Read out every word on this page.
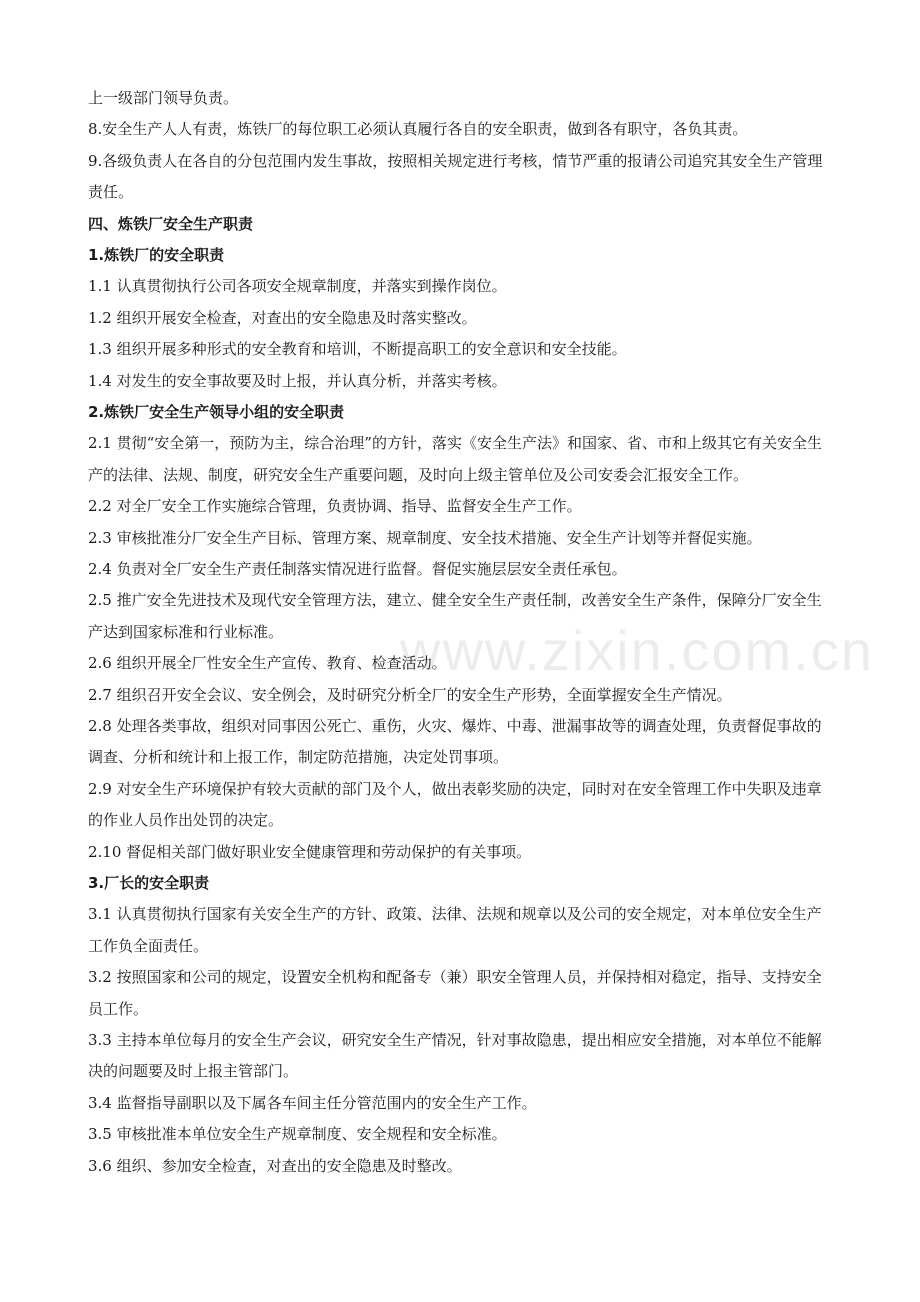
www.zixin.com.cn
上一级部门领导负责。
8.安全生产人人有责，炼铁厂的每位职工必须认真履行各自的安全职责，做到各有职守，各负其责。
9.各级负责人在各自的分包范围内发生事故，按照相关规定进行考核，情节严重的报请公司追究其安全生产管理责任。
四、炼铁厂安全生产职责
1.炼铁厂的安全职责
1.1 认真贯彻执行公司各项安全规章制度，并落实到操作岗位。
1.2 组织开展安全检查，对查出的安全隐患及时落实整改。
1.3 组织开展多种形式的安全教育和培训，不断提高职工的安全意识和安全技能。
1.4 对发生的安全事故要及时上报，并认真分析，并落实考核。
2.炼铁厂安全生产领导小组的安全职责
2.1 贯彻“安全第一，预防为主，综合治理”的方针，落实《安全生产法》和国家、省、市和上级其它有关安全生产的法律、法规、制度，研究安全生产重要问题，及时向上级主管单位及公司安委会汇报安全工作。
2.2 对全厂安全工作实施综合管理，负责协调、指导、监督安全生产工作。
2.3 审核批准分厂安全生产目标、管理方案、规章制度、安全技术措施、安全生产计划等并督促实施。
2.4 负责对全厂安全生产责任制落实情况进行监督。督促实施层层安全责任承包。
2.5 推广安全先进技术及现代安全管理方法，建立、健全安全生产责任制，改善安全生产条件，保障分厂安全生产达到国家标准和行业标准。
2.6 组织开展全厂性安全生产宣传、教育、检查活动。
2.7 组织召开安全会议、安全例会，及时研究分析全厂的安全生产形势，全面掌握安全生产情况。
2.8 处理各类事故，组织对同事因公死亡、重伤，火灾、爆炸、中毒、泄漏事故等的调查处理，负责督促事故的调查、分析和统计和上报工作，制定防范措施，决定处罚事项。
2.9 对安全生产环境保护有较大贡献的部门及个人，做出表彰奖励的决定，同时对在安全管理工作中失职及违章的作业人员作出处罚的决定。
2.10 督促相关部门做好职业安全健康管理和劳动保护的有关事项。
3.厂长的安全职责
3.1 认真贯彻执行国家有关安全生产的方针、政策、法律、法规和规章以及公司的安全规定，对本单位安全生产工作负全面责任。
3.2 按照国家和公司的规定，设置安全机构和配备专（兼）职安全管理人员，并保持相对稳定，指导、支持安全员工作。
3.3 主持本单位每月的安全生产会议，研究安全生产情况，针对事故隐患，提出相应安全措施，对本单位不能解决的问题要及时上报主管部门。
3.4 监督指导副职以及下属各车间主任分管范围内的安全生产工作。
3.5 审核批准本单位安全生产规章制度、安全规程和安全标准。
3.6 组织、参加安全检查，对查出的安全隐患及时整改。
